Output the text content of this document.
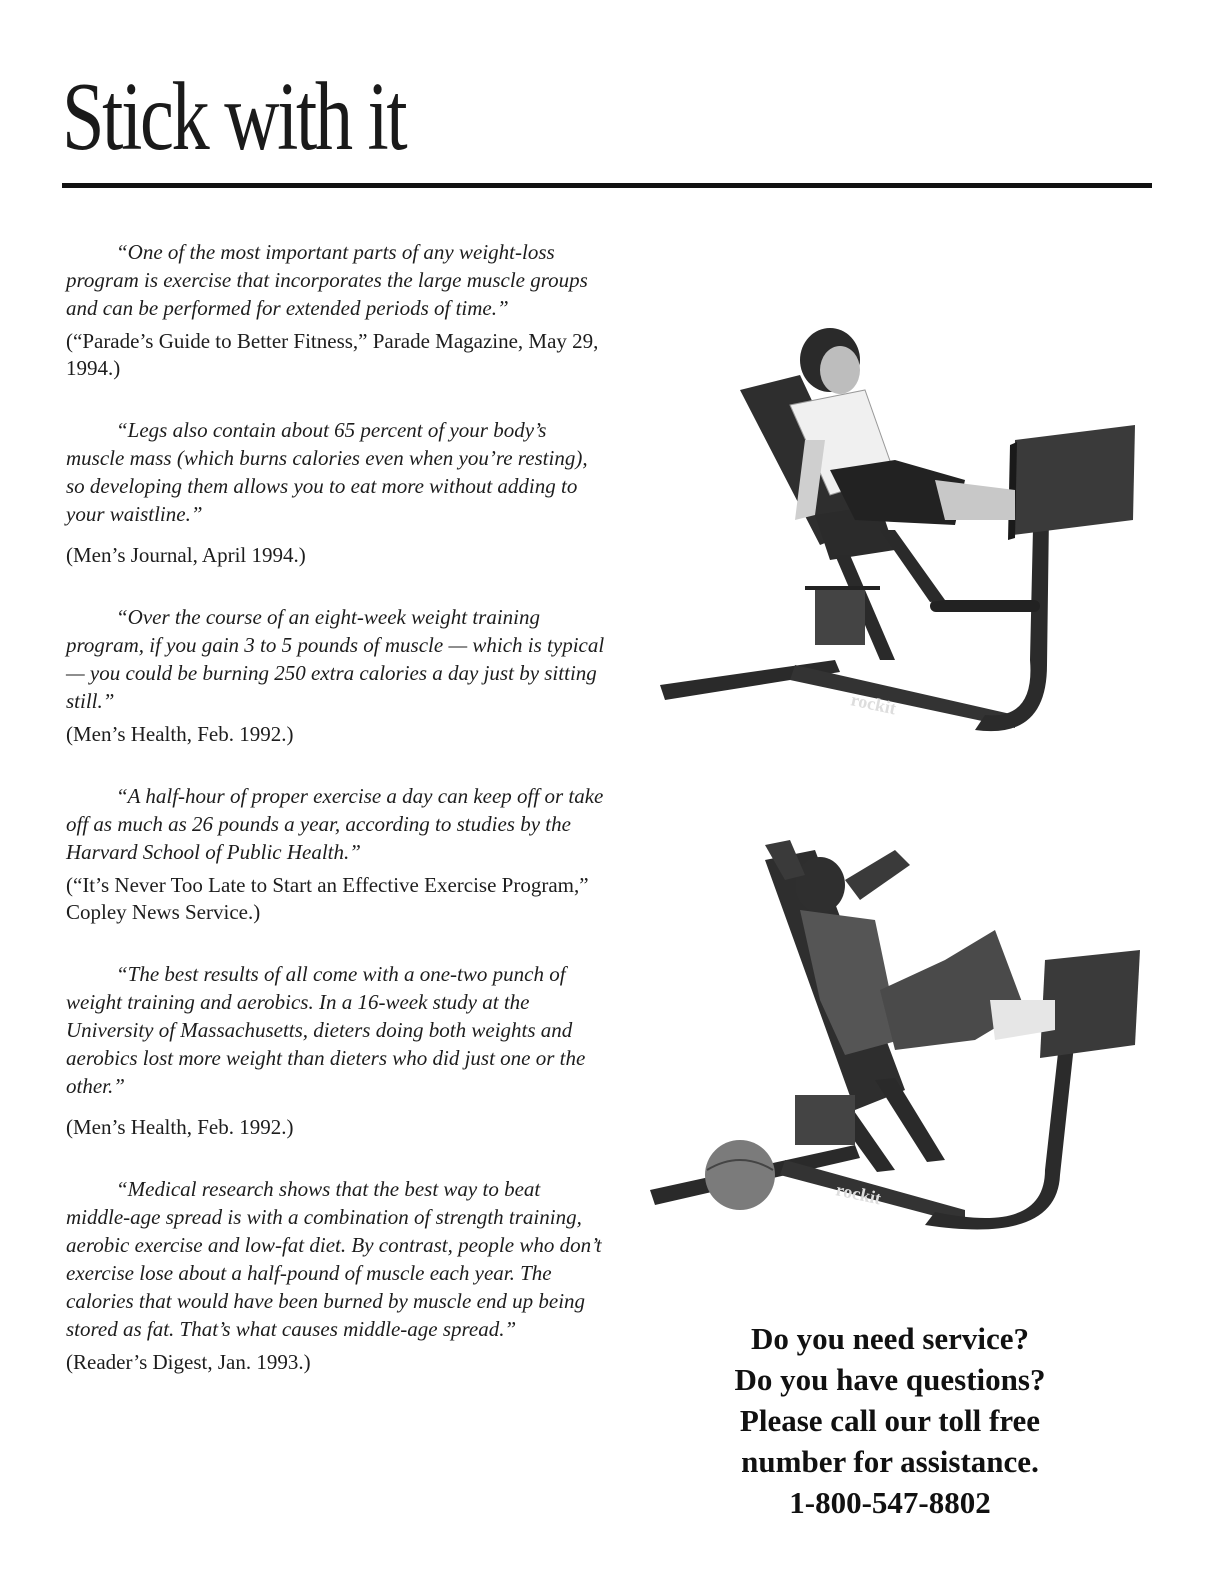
Stick with it

“One of the most important parts of any weight-loss program is exercise that incorporates the large muscle groups and can be performed for extended periods of time.”

(“Parade’s Guide to Better Fitness,” Parade Magazine, May 29, 1994.)

“Legs also contain about 65 percent of your body’s muscle mass (which burns calories even when you’re resting), so developing them allows you to eat more without adding to your waistline.”

(Men’s Journal, April 1994.)

“Over the course of an eight-week weight training program, if you gain 3 to 5 pounds of muscle — which is typical — you could be burning 250 extra calories a day just by sitting still.”

(Men’s Health, Feb. 1992.)

“A half-hour of proper exercise a day can keep off or take off as much as 26 pounds a year, according to studies by the Harvard School of Public Health.”

(“It’s Never Too Late to Start an Effective Exercise Program,” Copley News Service.)

“The best results of all come with a one-two punch of weight training and aerobics. In a 16-week study at the University of Massachusetts, dieters doing both weights and aerobics lost more weight than dieters who did just one or the other.”

(Men’s Health, Feb. 1992.)

“Medical research shows that the best way to beat middle-age spread is with a combination of strength training, aerobic exercise and low-fat diet. By contrast, people who don’t exercise lose about a half-pound of muscle each year. The calories that would have been burned by muscle end up being stored as fat. That’s what causes middle-age spread.”

(Reader’s Digest, Jan. 1993.)

rockit
rockit
Do you need service?
Do you have questions?
Please call our toll free
number for assistance.
1-800-547-8802
